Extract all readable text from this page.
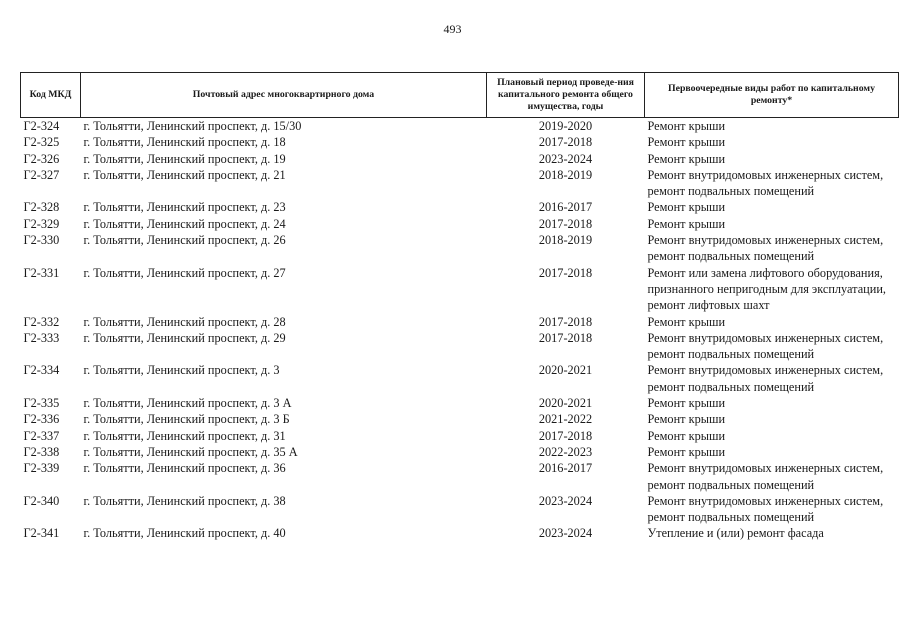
493
Код МКД	Почтовый адрес многоквартирного дома	Плановый период проведе-ния капитального ремонта общего имущества, годы	Первоочередные виды работ по капитальному ремонту*
Г2-324	г. Тольятти, Ленинский проспект, д. 15/30	2019-2020	Ремонт крыши

Г2-325	г. Тольятти, Ленинский проспект, д. 18	2017-2018	Ремонт крыши

Г2-326	г. Тольятти, Ленинский проспект, д. 19	2023-2024	Ремонт крыши

Г2-327	г. Тольятти, Ленинский проспект, д. 21	2018-2019	Ремонт внутридомовых инженерных систем,
ремонт подвальных помещений

Г2-328	г. Тольятти, Ленинский проспект, д. 23	2016-2017	Ремонт крыши

Г2-329	г. Тольятти, Ленинский проспект, д. 24	2017-2018	Ремонт крыши

Г2-330	г. Тольятти, Ленинский проспект, д. 26	2018-2019	Ремонт внутридомовых инженерных систем,
ремонт подвальных помещений

Г2-331	г. Тольятти, Ленинский проспект, д. 27	2017-2018	Ремонт или замена лифтового оборудования,
признанного непригодным для эксплуатации,
ремонт лифтовых шахт

Г2-332	г. Тольятти, Ленинский проспект, д. 28	2017-2018	Ремонт крыши

Г2-333	г. Тольятти, Ленинский проспект, д. 29	2017-2018	Ремонт внутридомовых инженерных систем,
ремонт подвальных помещений

Г2-334	г. Тольятти, Ленинский проспект, д. 3	2020-2021	Ремонт внутридомовых инженерных систем,
ремонт подвальных помещений

Г2-335	г. Тольятти, Ленинский проспект, д. 3 А	2020-2021	Ремонт крыши

Г2-336	г. Тольятти, Ленинский проспект, д. 3 Б	2021-2022	Ремонт крыши

Г2-337	г. Тольятти, Ленинский проспект, д. 31	2017-2018	Ремонт крыши

Г2-338	г. Тольятти, Ленинский проспект, д. 35 А	2022-2023	Ремонт крыши

Г2-339	г. Тольятти, Ленинский проспект, д. 36	2016-2017	Ремонт внутридомовых инженерных систем,
ремонт подвальных помещений

Г2-340	г. Тольятти, Ленинский проспект, д. 38	2023-2024	Ремонт внутридомовых инженерных систем,
ремонт подвальных помещений

Г2-341	г. Тольятти, Ленинский проспект, д. 40	2023-2024	Утепление и (или) ремонт фасада
